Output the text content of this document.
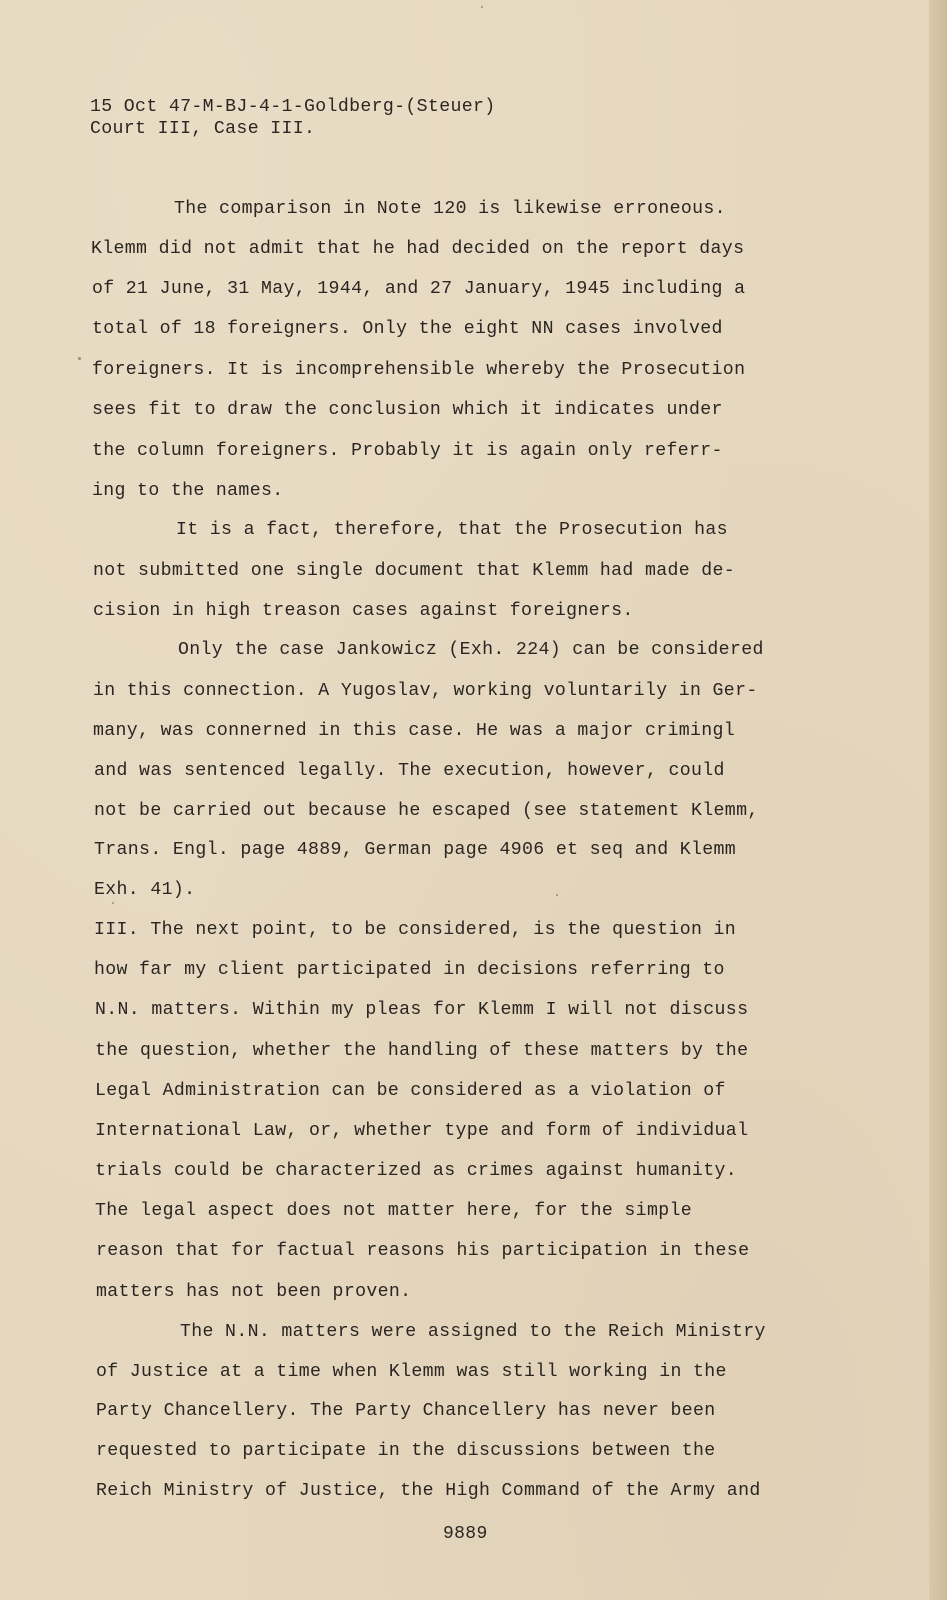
15 Oct 47-M-BJ-4-1-Goldberg-(Steuer)
Court III, Case III.
The comparison in Note 120 is likewise erroneous.
Klemm did not admit that he had decided on the report days
of 21 June, 31 May, 1944, and 27 January, 1945 including a
total of 18 foreigners. Only the eight NN cases involved
foreigners. It is incomprehensible whereby the Prosecution
sees fit to draw the conclusion which it indicates under
the column foreigners. Probably it is again only referr-
ing to the names.
It is a fact, therefore, that the Prosecution has
not submitted one single document that Klemm had made de-
cision in high treason cases against foreigners.
Only the case Jankowicz (Exh. 224) can be considered
in this connection. A Yugoslav, working voluntarily in Ger-
many, was connerned in this case. He was a major crimingl
and was sentenced legally. The execution, however, could
not be carried out because he escaped (see statement Klemm,
Trans. Engl. page 4889, German page 4906 et seq and Klemm
Exh. 41).
III. The next point, to be considered, is the question in
how far my client participated in decisions referring to
N.N. matters. Within my pleas for Klemm I will not discuss
the question, whether the handling of these matters by the
Legal Administration can be considered as a violation of
International Law, or, whether type and form of individual
trials could be characterized as crimes against humanity.
The legal aspect does not matter here, for the simple
reason that for factual reasons his participation in these
matters has not been proven.
The N.N. matters were assigned to the Reich Ministry
of Justice at a time when Klemm was still working in the
Party Chancellery. The Party Chancellery has never been
requested to participate in the discussions between the
Reich Ministry of Justice, the High Command of the Army and
9889
